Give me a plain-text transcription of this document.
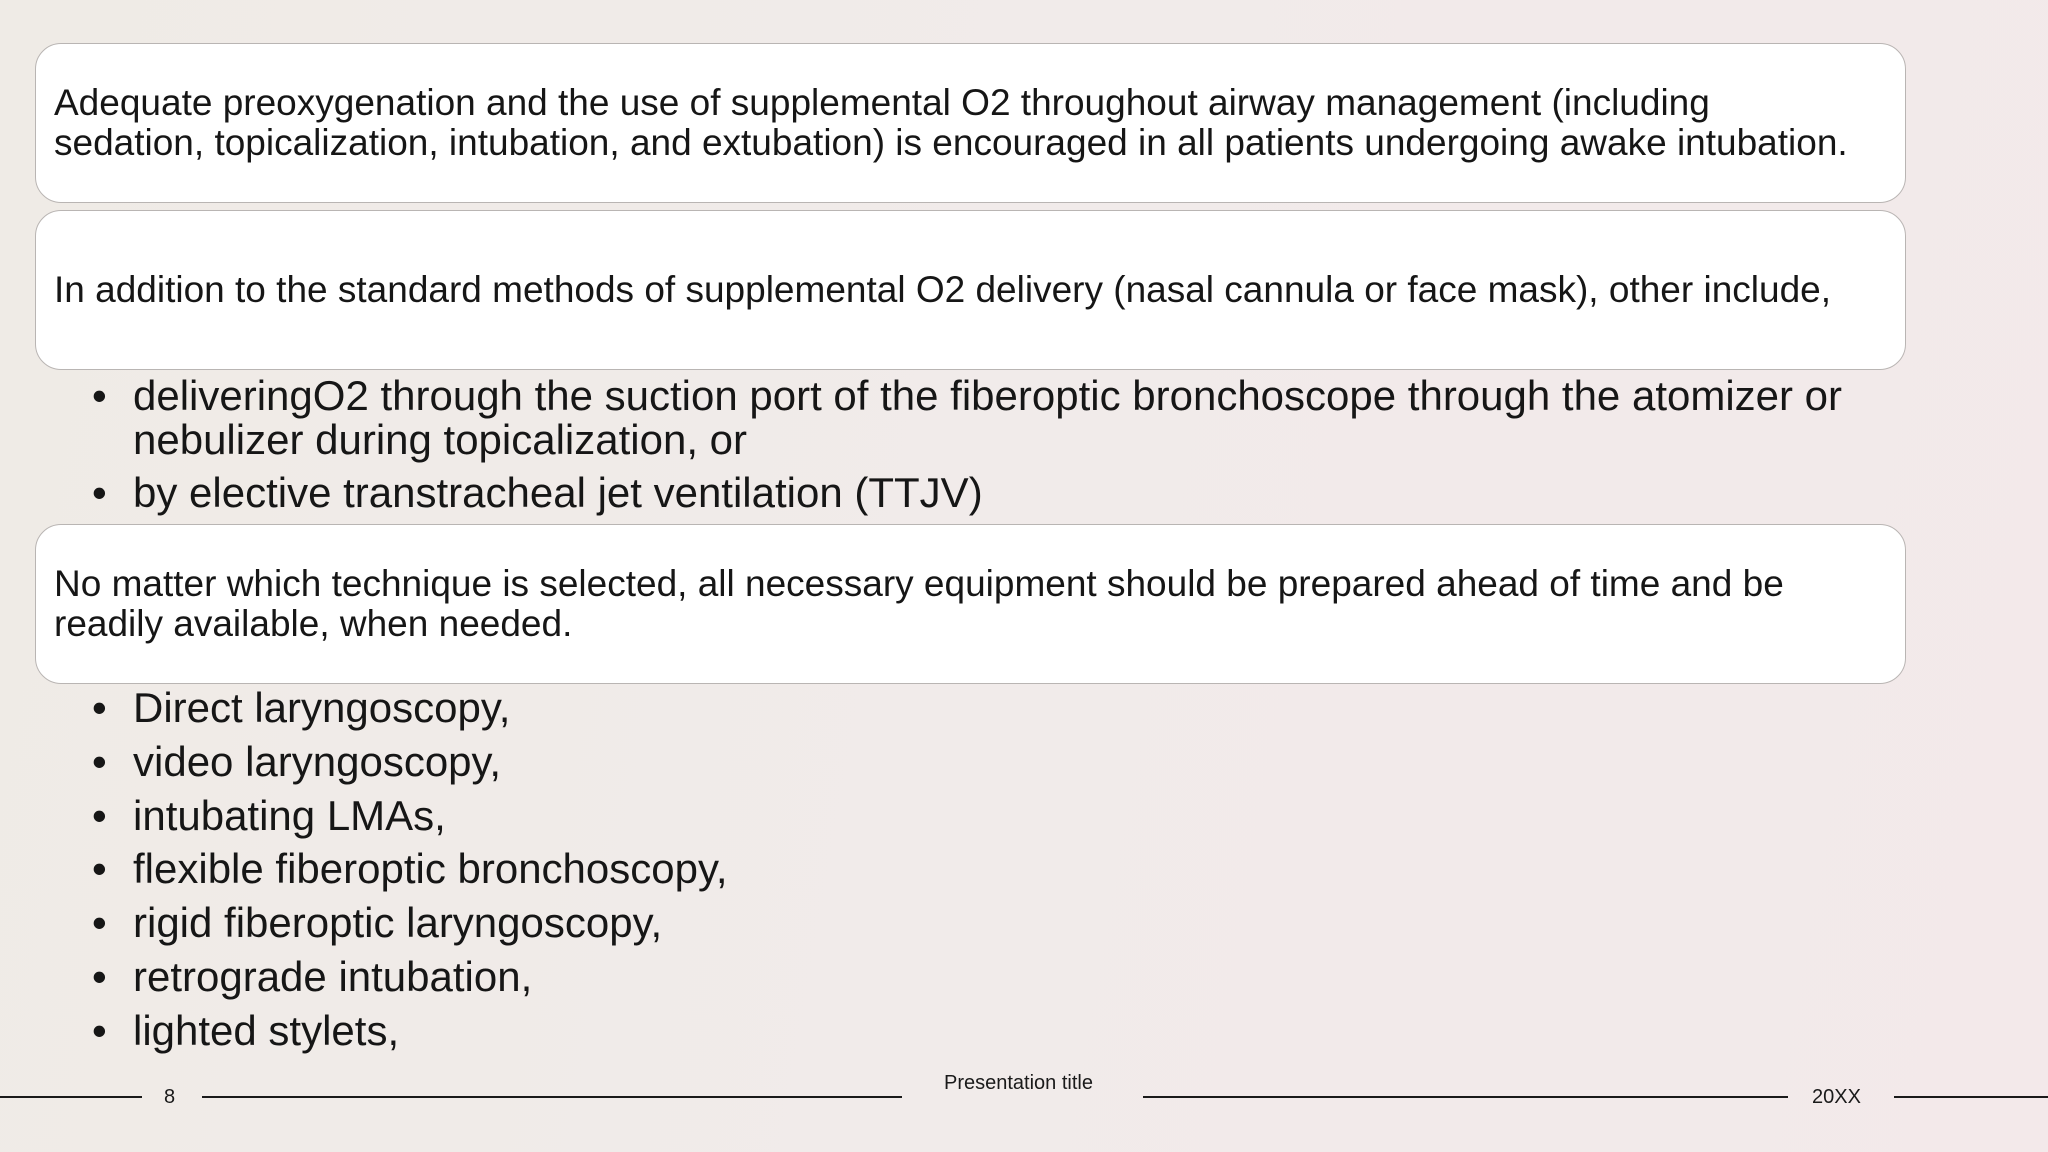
Adequate preoxygenation and the use of supplemental O2 throughout airway management (including sedation, topicalization, intubation, and extubation) is encouraged in all patients undergoing awake intubation.

In addition to the standard methods of supplemental O2 delivery (nasal cannula or face mask), other include,

• deliveringO2 through the suction port of the fiberoptic bronchoscope through the atomizer or nebulizer during topicalization, or
• by elective transtracheal jet ventilation (TTJV)

No matter which technique is selected, all necessary equipment should be prepared ahead of time and be readily available, when needed.

• Direct laryngoscopy,
• video laryngoscopy,
• intubating LMAs,
• flexible fiberoptic bronchoscopy,
• rigid fiberoptic laryngoscopy,
• retrograde intubation,
• lighted stylets,
8
Presentation title
20XX
